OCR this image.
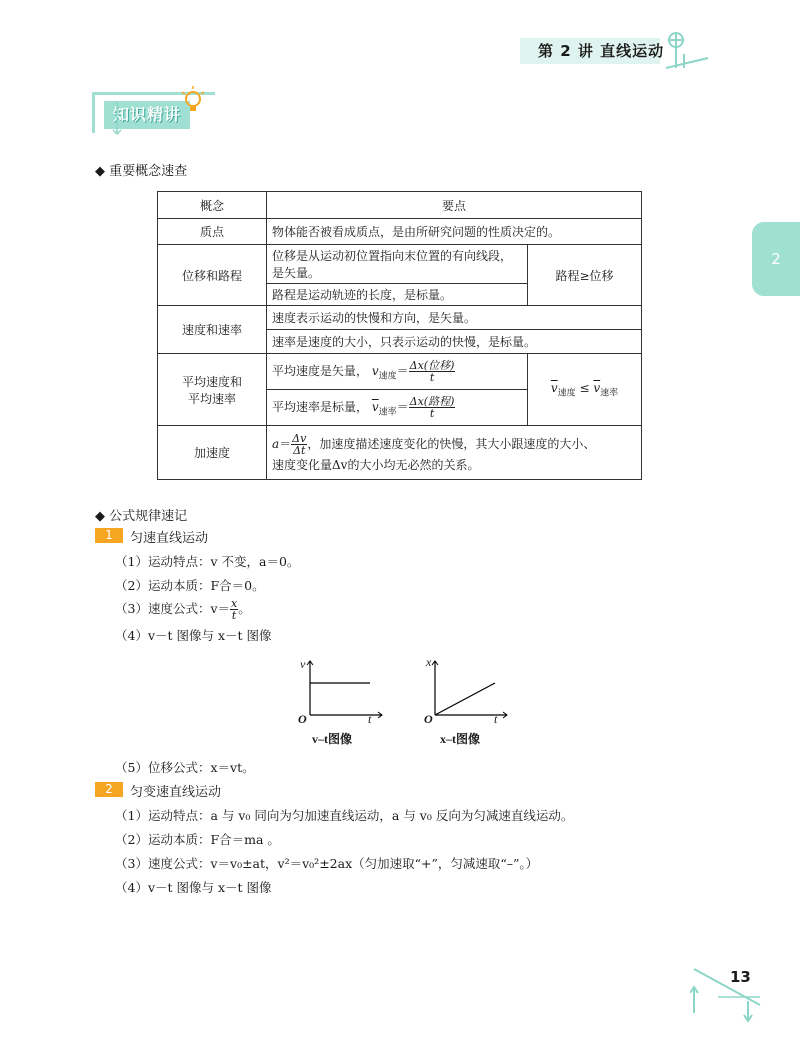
第 2 讲 直线运动
2
知识精讲
◆ 重要概念速查
概念	要点	
质点	物体能否被看成质点，是由所研究问题的性质决定的。	
位移和路程	位移是从运动初位置指向末位置的有向线段，是矢量。	路程≥位移
	路程是运动轨迹的长度，是标量。	
速度和速率	速度表示运动的快慢和方向，是矢量。	
	速率是速度的大小，只表示运动的快慢，是标量。	
平均速度和
平均速率	平均速度是矢量， $v_{速度}= \frac{\text{Δx(位移)}}{t}$	$\overline{v}_{速度} \le \overline{v}_{速率}$
	平均速率是标量， $\overline{v}_{速率}= \frac{\text{Δx(路程)}}{t}$

加速度	$a= \frac{\Delta v}{\Delta t}$ ，加速度描述速度变化的快慢，其大小跟速度的大小、
速度变化量Δv的大小均无必然的关系。	
◆ 公式规律速记
1	匀速直线运动
（1）运动特点：v 不变，a＝0。
（2）运动本质：F合＝0。
（3）速度公式：$v= \frac{x}{t}$ 。
（4）v－t 图像与 x－t 图像
v
t
O
v–t图像
x
t
O
x–t图像
（5）位移公式：x＝vt。
2	匀变速直线运动
（1）运动特点：a 与 v₀ 同向为匀加速直线运动，a 与 v₀ 反向为匀减速直线运动。
（2）运动本质：F合＝ma 。
（3）速度公式：v＝v₀±at，v²＝v₀²±2ax（匀加速取“+”，匀减速取“–”。）
（4）v－t 图像与 x－t 图像
13
